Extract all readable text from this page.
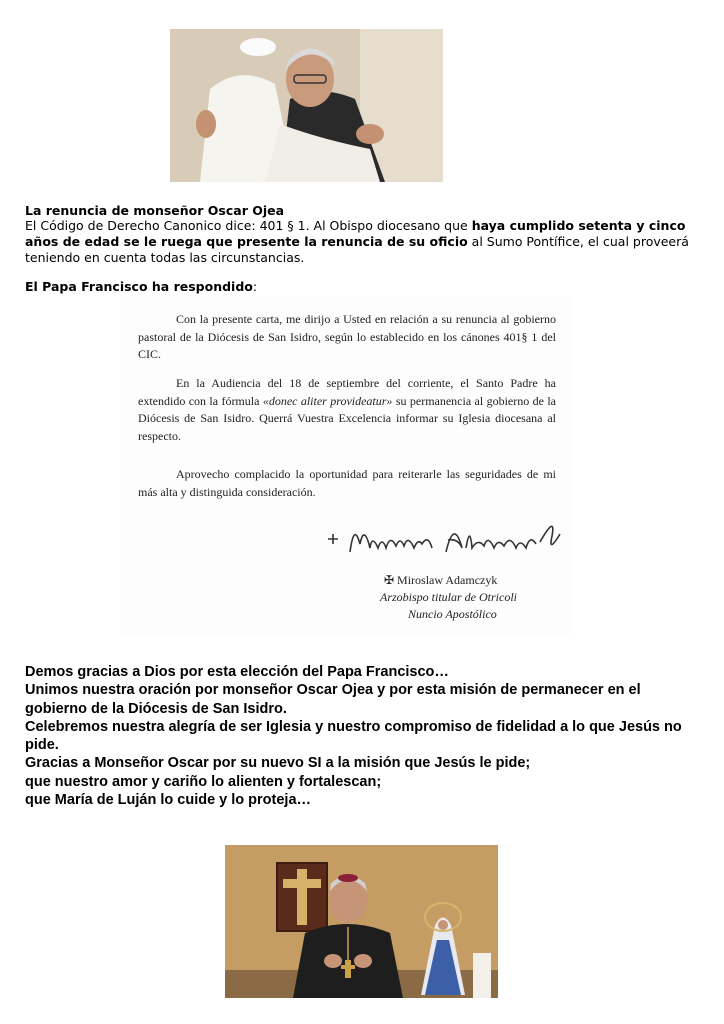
La renuncia de monseñor Oscar Ojea

El Código de Derecho Canonico dice: 401 § 1. Al Obispo diocesano que haya cumplido setenta y cinco años de edad se le ruega que presente la renuncia de su oficio al Sumo Pontífice, el cual proveerá teniendo en cuenta todas las circunstancias.

El Papa Francisco ha respondido:

Con la presente carta, me dirijo a Usted en relación a su renuncia al gobierno pastoral de la Diócesis de San Isidro, según lo establecido en los cánones 401§ 1 del CIC.

En la Audiencia del 18 de septiembre del corriente, el Santo Padre ha extendido con la fórmula «donec aliter provideatur» su permanencia al gobierno de la Diócesis de San Isidro. Querrá Vuestra Excelencia informar su Iglesia diocesana al respecto.

Aprovecho complacido la oportunidad para reiterarle las seguridades de mi más alta y distinguida consideración.

✠ Miroslaw Adamczyk
Arzobispo titular de Otricoli
Nuncio Apostólico
Demos gracias a Dios por esta elección del Papa Francisco…
Unimos nuestra oración por monseñor Oscar Ojea y por esta misión de permanecer en el gobierno de la Diócesis de San Isidro.
Celebremos nuestra alegría de ser Iglesia y nuestro compromiso de fidelidad a lo que Jesús no pide.
Gracias a Monseñor Oscar por su nuevo SI a la misión que Jesús le pide;
que nuestro amor y cariño lo alienten y fortalescan;
que María de Luján lo cuide y lo proteja…
